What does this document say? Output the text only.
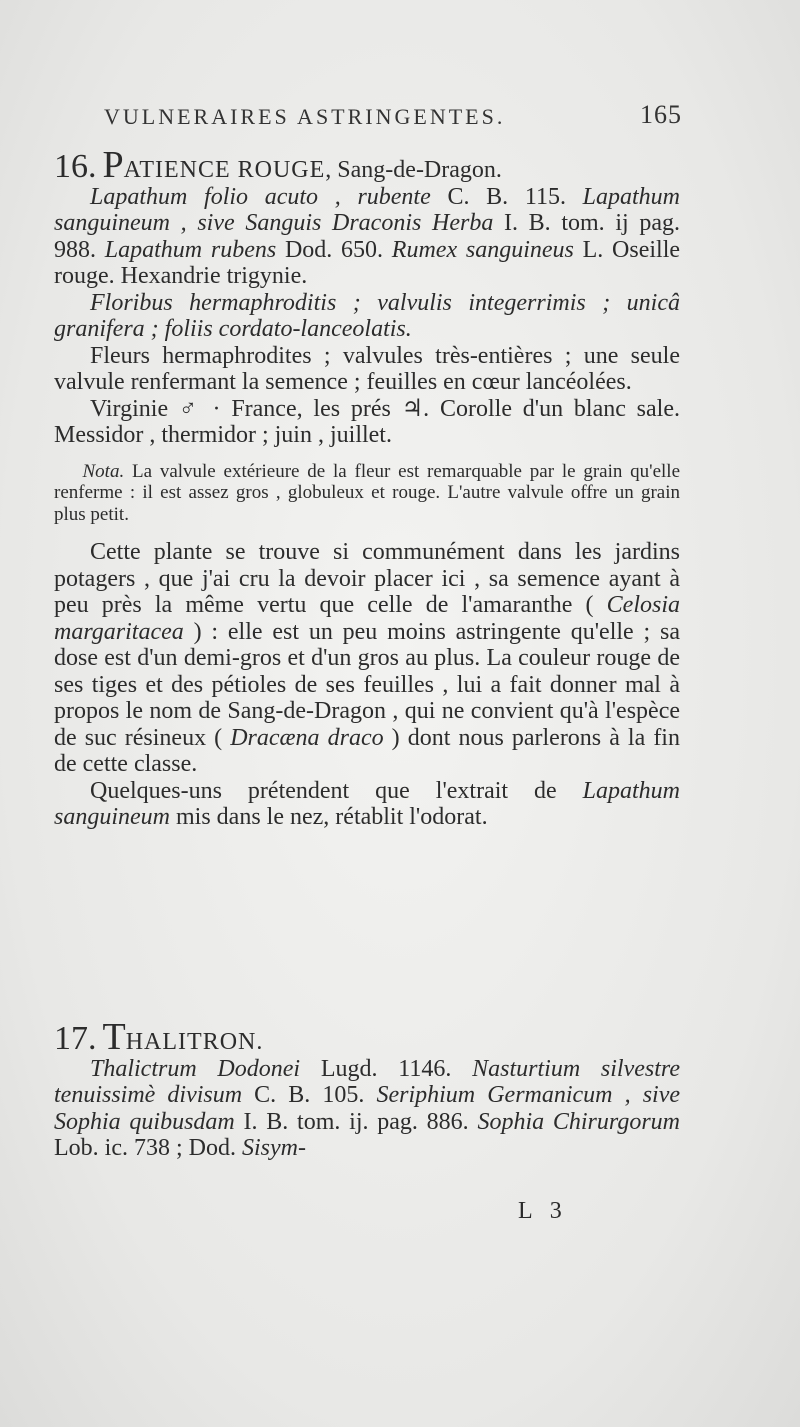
VULNERAIRES ASTRINGENTES.	165

16. PATIENCE ROUGE, Sang-de-Dragon.

Lapathum folio acuto , rubente C. B. 115. Lapathum sanguineum , sive Sanguis Draconis Herba I. B. tom. ij pag. 988. Lapathum rubens Dod. 650. Rumex sanguineus L. Oseille rouge. Hexandrie trigynie.

Floribus hermaphroditis ; valvulis integerrimis ; unicâ granifera ; foliis cordato-lanceolatis.

Fleurs hermaphrodites ; valvules très-entières ; une seule valvule renfermant la semence ; feuilles en cœur lancéolées.

Virginie ♂ · France, les prés ♃. Corolle d'un blanc sale. Messidor , thermidor ; juin , juillet.

Nota. La valvule extérieure de la fleur est remarquable par le grain qu'elle renferme : il est assez gros , globuleux et rouge. L'autre valvule offre un grain plus petit.

Cette plante se trouve si communément dans les jardins potagers , que j'ai cru la devoir placer ici , sa semence ayant à peu près la même vertu que celle de l'amaranthe ( Celosia margaritacea ) : elle est un peu moins astringente qu'elle ; sa dose est d'un demi-gros et d'un gros au plus. La couleur rouge de ses tiges et des pétioles de ses feuilles , lui a fait donner mal à propos le nom de Sang-de-Dragon , qui ne convient qu'à l'espèce de suc résineux ( Dracæna draco ) dont nous parlerons à la fin de cette classe.

Quelques-uns prétendent que l'extrait de Lapathum sanguineum mis dans le nez, rétablit l'odorat.

17. THALITRON.

Thalictrum Dodonei Lugd. 1146. Nasturtium silvestre tenuissimè divisum C. B. 105. Seriphium Germanicum , sive Sophia quibusdam I. B. tom. ij. pag. 886. Sophia Chirurgorum Lob. ic. 738 ; Dod. Sisym-

L 3
